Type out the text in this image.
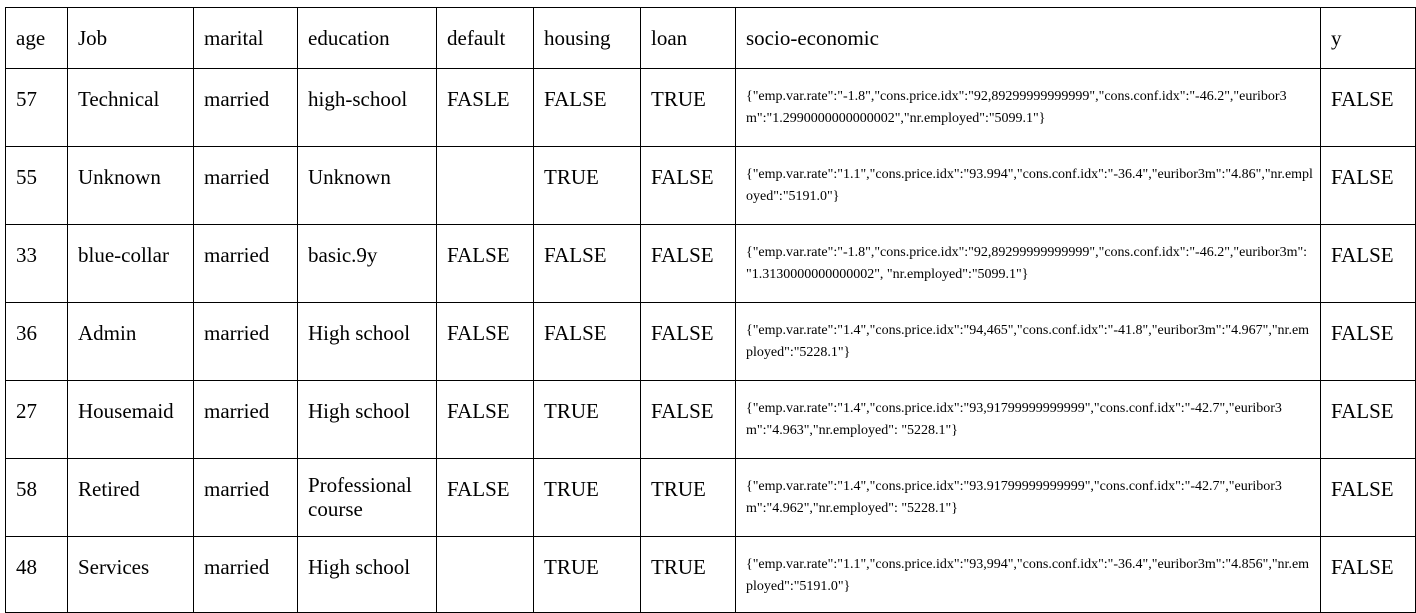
age	Job	marital	education	default	housing	loan	socio-economic	y
57	Technical	married	high-school	FASLE	FALSE	TRUE	{"emp.var.rate":"-1.8","cons.price.idx":"92,89299999999999","cons.conf.idx":"-46.2","euribor3m":"1.2990000000000002","nr.employed":"5099.1"}	FALSE
55	Unknown	married	Unknown		TRUE	FALSE	{"emp.var.rate":"1.1","cons.price.idx":"93.994","cons.conf.idx":"-36.4","euribor3m":"4.86","nr.employed":"5191.0"}	FALSE
33	blue-collar	married	basic.9y	FALSE	FALSE	FALSE	{"emp.var.rate":"-1.8","cons.price.idx":"92,89299999999999","cons.conf.idx":"-46.2","euribor3m": "1.3130000000000002", "nr.employed":"5099.1"}	FALSE
36	Admin	married	High school	FALSE	FALSE	FALSE	{"emp.var.rate":"1.4","cons.price.idx":"94,465","cons.conf.idx":"-41.8","euribor3m":"4.967","nr.employed":"5228.1"}	FALSE
27	Housemaid	married	High school	FALSE	TRUE	FALSE	{"emp.var.rate":"1.4","cons.price.idx":"93,91799999999999","cons.conf.idx":"-42.7","euribor3m":"4.963","nr.employed": "5228.1"}	FALSE
58	Retired	married	Professional course	FALSE	TRUE	TRUE	{"emp.var.rate":"1.4","cons.price.idx":"93.91799999999999","cons.conf.idx":"-42.7","euribor3m":"4.962","nr.employed": "5228.1"}	FALSE
48	Services	married	High school		TRUE	TRUE	{"emp.var.rate":"1.1","cons.price.idx":"93,994","cons.conf.idx":"-36.4","euribor3m":"4.856","nr.employed":"5191.0"}	FALSE
